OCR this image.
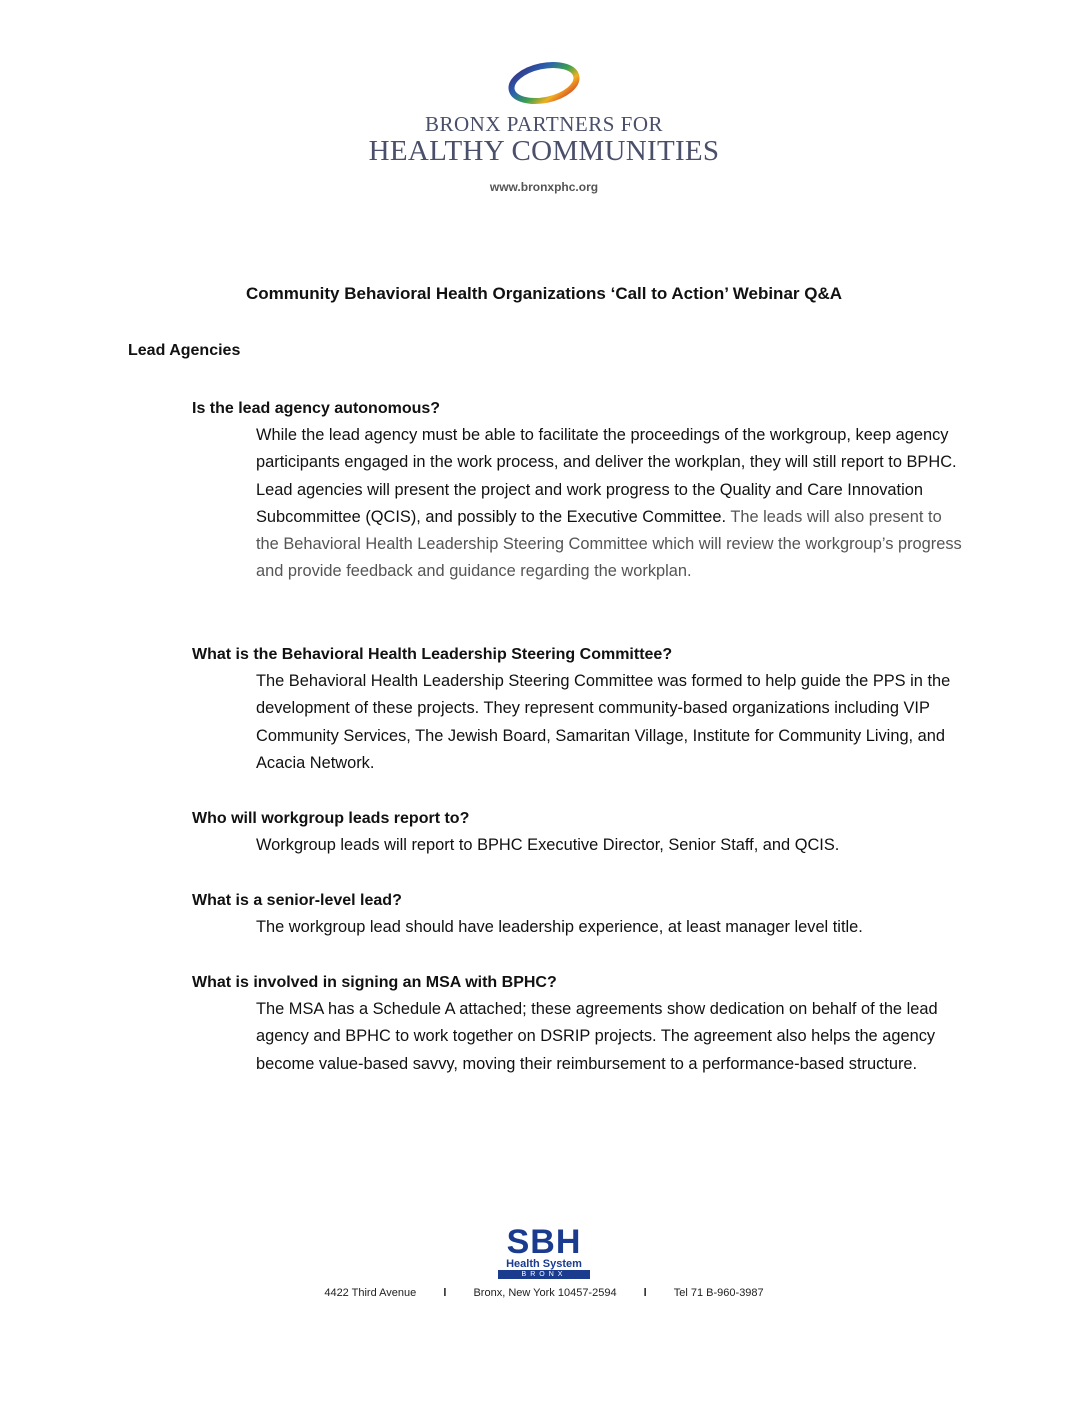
BRONX PARTNERS FOR
HEALTHY COMMUNITIES
www.bronxphc.org
Community Behavioral Health Organizations ‘Call to Action’ Webinar Q&A
Lead Agencies
Is the lead agency autonomous?
While the lead agency must be able to facilitate the proceedings of the workgroup, keep agency participants engaged in the work process, and deliver the workplan, they will still report to BPHC. Lead agencies will present the project and work progress to the Quality and Care Innovation Subcommittee (QCIS), and possibly to the Executive Committee. The leads will also present to the Behavioral Health Leadership Steering Committee which will review the workgroup’s progress and provide feedback and guidance regarding the workplan.
What is the Behavioral Health Leadership Steering Committee?
The Behavioral Health Leadership Steering Committee was formed to help guide the PPS in the development of these projects. They represent community-based organizations including VIP Community Services, The Jewish Board, Samaritan Village, Institute for Community Living, and Acacia Network.
Who will workgroup leads report to?
Workgroup leads will report to BPHC Executive Director, Senior Staff, and QCIS.
What is a senior-level lead?
The workgroup lead should have leadership experience, at least manager level title.
What is involved in signing an MSA with BPHC?
The MSA has a Schedule A attached; these agreements show dedication on behalf of the lead agency and BPHC to work together on DSRIP projects. The agreement also helps the agency become value-based savvy, moving their reimbursement to a performance-based structure.
SBH
Health System
BRONX
4422 Third Avenue l Bronx, New York 10457-2594 l Tel 71 B-960-3987
